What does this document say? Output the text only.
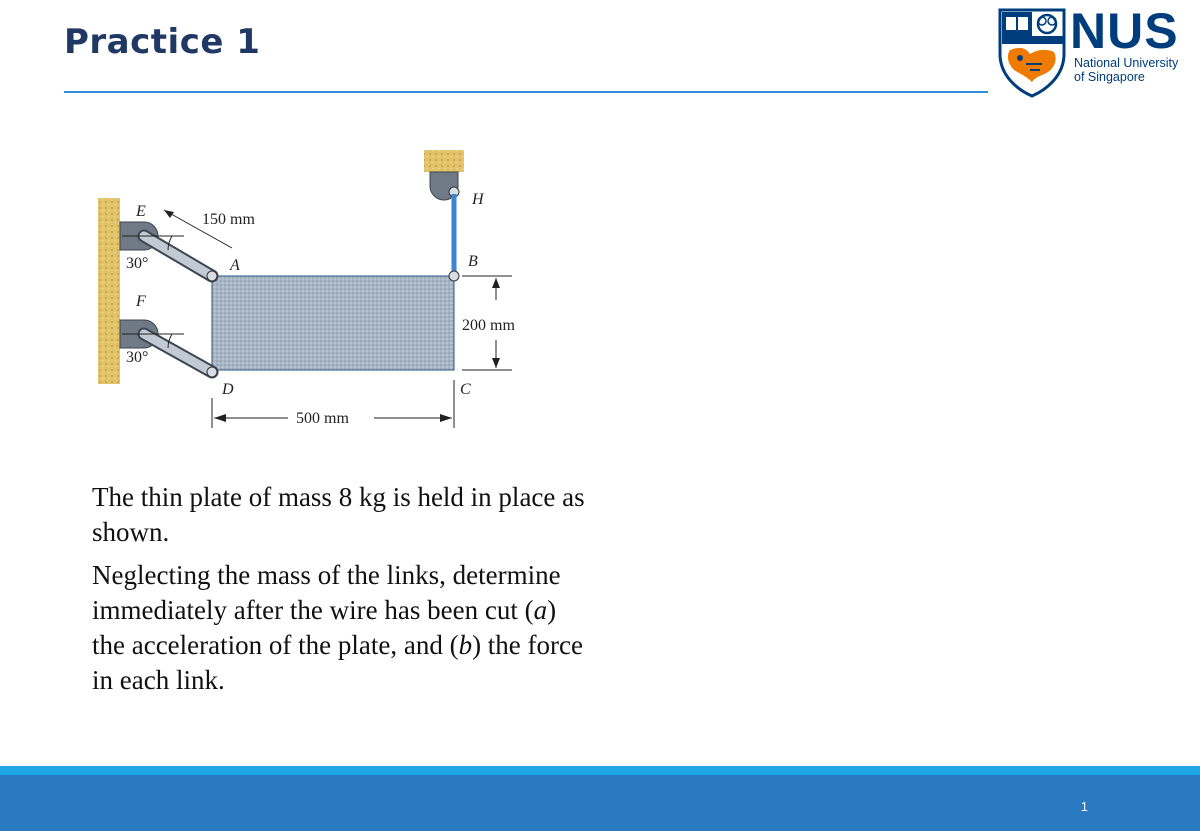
Practice 1	NUS
National University
of Singapore
E
F
A	B
C
D
H
30°
30°
150 mm
200 mm
500 mm

The thin plate of mass 8 kg is held in place as shown.

Neglecting the mass of the links, determine immediately after the wire has been cut (a) the acceleration of the plate, and (b) the force in each link.

1
